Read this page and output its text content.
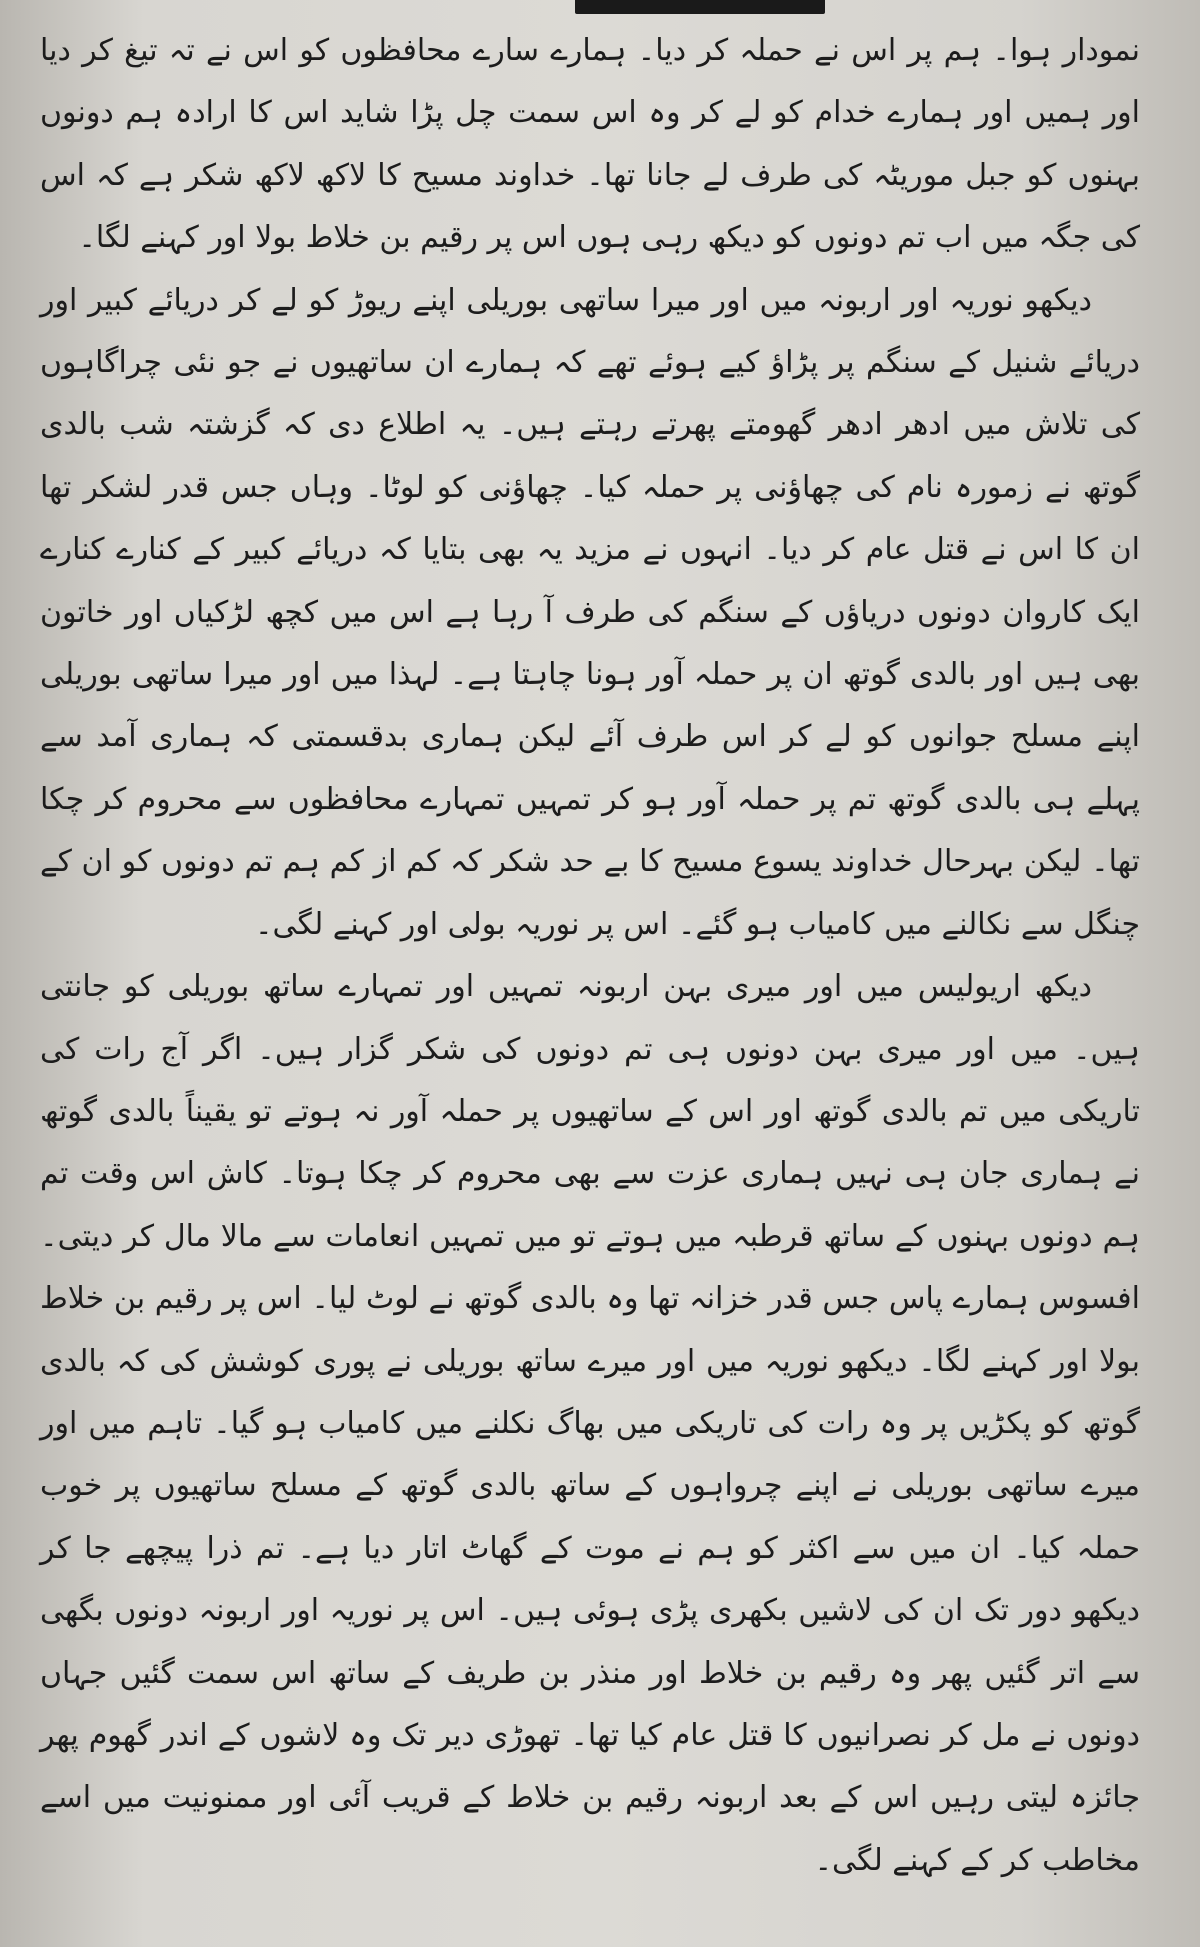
نمودار ہوا۔ ہم پر اس نے حملہ کر دیا۔ ہمارے سارے محافظوں کو اس نے تہ تیغ کر دیا اور ہمیں اور ہمارے خدام کو لے کر وہ اس سمت چل پڑا شاید اس کا ارادہ ہم دونوں بہنوں کو جبل موریٹہ کی طرف لے جانا تھا۔ خداوند مسیح کا لاکھ لاکھ شکر ہے کہ اس کی جگہ میں اب تم دونوں کو دیکھ رہی ہوں اس پر رقیم بن خلاط بولا اور کہنے لگا۔

دیکھو نوریہ اور اربونہ میں اور میرا ساتھی بوریلی اپنے ریوڑ کو لے کر دریائے کبیر اور دریائے شنیل کے سنگم پر پڑاؤ کیے ہوئے تھے کہ ہمارے ان ساتھیوں نے جو نئی چراگاہوں کی تلاش میں ادھر ادھر گھومتے پھرتے رہتے ہیں۔ یہ اطلاع دی کہ گزشتہ شب بالدی گوتھ نے زمورہ نام کی چھاؤنی پر حملہ کیا۔ چھاؤنی کو لوٹا۔ وہاں جس قدر لشکر تھا ان کا اس نے قتل عام کر دیا۔ انہوں نے مزید یہ بھی بتایا کہ دریائے کبیر کے کنارے کنارے ایک کاروان دونوں دریاؤں کے سنگم کی طرف آ رہا ہے اس میں کچھ لڑکیاں اور خاتون بھی ہیں اور بالدی گوتھ ان پر حملہ آور ہونا چاہتا ہے۔ لہذا میں اور میرا ساتھی بوریلی اپنے مسلح جوانوں کو لے کر اس طرف آئے لیکن ہماری بدقسمتی کہ ہماری آمد سے پہلے ہی بالدی گوتھ تم پر حملہ آور ہو کر تمہیں تمہارے محافظوں سے محروم کر چکا تھا۔ لیکن بہرحال خداوند یسوع مسیح کا بے حد شکر کہ کم از کم ہم تم دونوں کو ان کے چنگل سے نکالنے میں کامیاب ہو گئے۔ اس پر نوریہ بولی اور کہنے لگی۔

دیکھ اریولیس میں اور میری بہن اربونہ تمہیں اور تمہارے ساتھ بوریلی کو جانتی ہیں۔ میں اور میری بہن دونوں ہی تم دونوں کی شکر گزار ہیں۔ اگر آج رات کی تاریکی میں تم بالدی گوتھ اور اس کے ساتھیوں پر حملہ آور نہ ہوتے تو یقیناً بالدی گوتھ نے ہماری جان ہی نہیں ہماری عزت سے بھی محروم کر چکا ہوتا۔ کاش اس وقت تم ہم دونوں بہنوں کے ساتھ قرطبہ میں ہوتے تو میں تمہیں انعامات سے مالا مال کر دیتی۔ افسوس ہمارے پاس جس قدر خزانہ تھا وہ بالدی گوتھ نے لوٹ لیا۔ اس پر رقیم بن خلاط بولا اور کہنے لگا۔ دیکھو نوریہ میں اور میرے ساتھ بوریلی نے پوری کوشش کی کہ بالدی گوتھ کو پکڑیں پر وہ رات کی تاریکی میں بھاگ نکلنے میں کامیاب ہو گیا۔ تاہم میں اور میرے ساتھی بوریلی نے اپنے چرواہوں کے ساتھ بالدی گوتھ کے مسلح ساتھیوں پر خوب حملہ کیا۔ ان میں سے اکثر کو ہم نے موت کے گھاٹ اتار دیا ہے۔ تم ذرا پیچھے جا کر دیکھو دور تک ان کی لاشیں بکھری پڑی ہوئی ہیں۔ اس پر نوریہ اور اربونہ دونوں بگھی سے اتر گئیں پھر وہ رقیم بن خلاط اور منذر بن طریف کے ساتھ اس سمت گئیں جہاں دونوں نے مل کر نصرانیوں کا قتل عام کیا تھا۔ تھوڑی دیر تک وہ لاشوں کے اندر گھوم پھر جائزہ لیتی رہیں اس کے بعد اربونہ رقیم بن خلاط کے قریب آئی اور ممنونیت میں اسے مخاطب کر کے کہنے لگی۔
